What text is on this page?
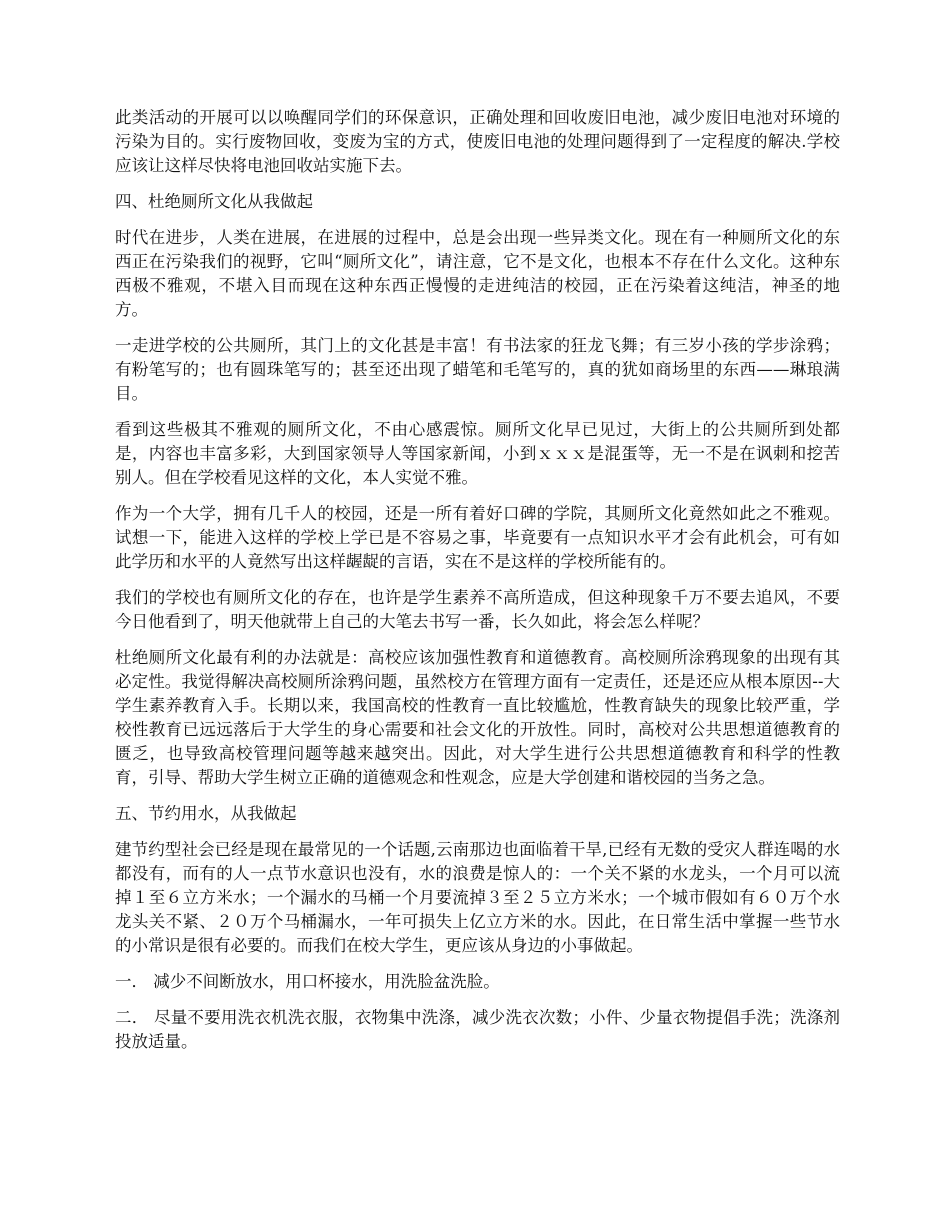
此类活动的开展可以以唤醒同学们的环保意识，正确处理和回收废旧电池，减少废旧电池对环境的污染为目的。实行废物回收，变废为宝的方式，使废旧电池的处理问题得到了一定程度的解决.学校应该让这样尽快将电池回收站实施下去。

四、杜绝厕所文化从我做起

时代在进步，人类在进展，在进展的过程中，总是会出现一些异类文化。现在有一种厕所文化的东西正在污染我们的视野，它叫“厕所文化”，请注意，它不是文化，也根本不存在什么文化。这种东西极不雅观，不堪入目而现在这种东西正慢慢的走进纯洁的校园，正在污染着这纯洁，神圣的地方。

一走进学校的公共厕所，其门上的文化甚是丰富！有书法家的狂龙飞舞；有三岁小孩的学步涂鸦；有粉笔写的；也有圆珠笔写的；甚至还出现了蜡笔和毛笔写的，真的犹如商场里的东西——琳琅满目。

看到这些极其不雅观的厕所文化，不由心感震惊。厕所文化早已见过，大街上的公共厕所到处都是，内容也丰富多彩，大到国家领导人等国家新闻，小到ｘｘｘ是混蛋等，无一不是在讽刺和挖苦别人。但在学校看见这样的文化，本人实觉不雅。

作为一个大学，拥有几千人的校园，还是一所有着好口碑的学院，其厕所文化竟然如此之不雅观。试想一下，能进入这样的学校上学已是不容易之事，毕竟要有一点知识水平才会有此机会，可有如此学历和水平的人竟然写出这样龌龊的言语，实在不是这样的学校所能有的。

我们的学校也有厕所文化的存在，也许是学生素养不高所造成，但这种现象千万不要去追风，不要今日他看到了，明天他就带上自己的大笔去书写一番，长久如此，将会怎么样呢？

杜绝厕所文化最有利的办法就是：高校应该加强性教育和道德教育。高校厕所涂鸦现象的出现有其必定性。我觉得解决高校厕所涂鸦问题，虽然校方在管理方面有一定责任，还是还应从根本原因--大学生素养教育入手。长期以来，我国高校的性教育一直比较尴尬，性教育缺失的现象比较严重，学校性教育已远远落后于大学生的身心需要和社会文化的开放性。同时，高校对公共思想道德教育的匮乏，也导致高校管理问题等越来越突出。因此，对大学生进行公共思想道德教育和科学的性教育，引导、帮助大学生树立正确的道德观念和性观念，应是大学创建和谐校园的当务之急。

五、节约用水，从我做起

建节约型社会已经是现在最常见的一个话题,云南那边也面临着干旱,已经有无数的受灾人群连喝的水都没有，而有的人一点节水意识也没有，水的浪费是惊人的：一个关不紧的水龙头，一个月可以流掉１至６立方米水；一个漏水的马桶一个月要流掉３至２５立方米水；一个城市假如有６０万个水龙头关不紧、２０万个马桶漏水，一年可损失上亿立方米的水。因此，在日常生活中掌握一些节水的小常识是很有必要的。而我们在校大学生，更应该从身边的小事做起。

一． 减少不间断放水，用口杯接水，用洗脸盆洗脸。

二． 尽量不要用洗衣机洗衣服，衣物集中洗涤，减少洗衣次数；小件、少量衣物提倡手洗；洗涤剂投放适量。
